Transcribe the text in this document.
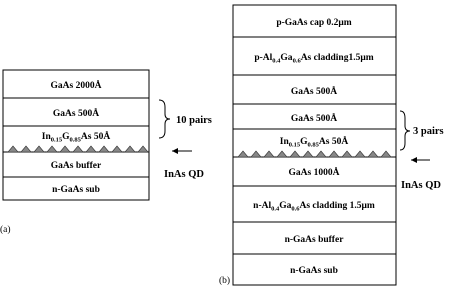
GaAs 2000Å
GaAs 500Å
$In_{0.15}G_{0.85}As$ 50Å
GaAs buffer
n-GaAs sub
10 pairs
InAs QD
(a)
p-GaAs cap 0.2μm
$p-Al_{0.4}Ga_{0.6}As$ cladding1.5μm
GaAs 500Å
GaAs 500Å
$In_{0.15}G_{0.85}As$ 50Å
GaAs 1000Å
$n-Al_{0.4}Ga_{0.6}As$ cladding 1.5μm
n-GaAs buffer
n-GaAs sub
3 pairs
InAs QD
(b)
